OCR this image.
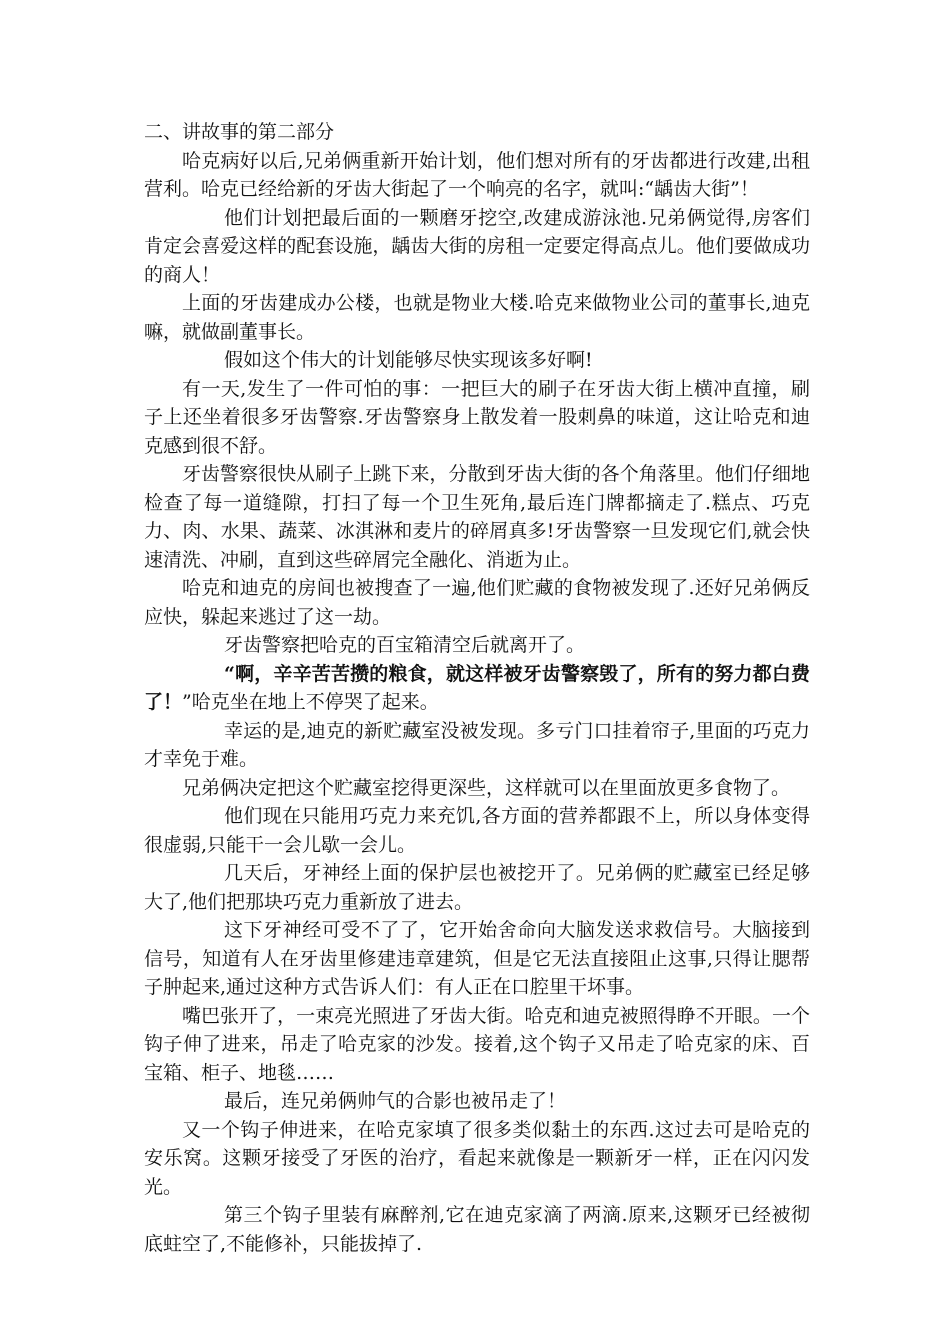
二、讲故事的第二部分

哈克病好以后,兄弟俩重新开始计划，他们想对所有的牙齿都进行改建,出租营利。哈克已经给新的牙齿大街起了一个响亮的名字，就叫:“龋齿大街”！

他们计划把最后面的一颗磨牙挖空,改建成游泳池.兄弟俩觉得,房客们肯定会喜爱这样的配套设施，龋齿大街的房租一定要定得高点儿。他们要做成功的商人！

上面的牙齿建成办公楼，也就是物业大楼.哈克来做物业公司的董事长,迪克嘛，就做副董事长。

假如这个伟大的计划能够尽快实现该多好啊!

有一天,发生了一件可怕的事：一把巨大的刷子在牙齿大街上横冲直撞，刷子上还坐着很多牙齿警察.牙齿警察身上散发着一股刺鼻的味道，这让哈克和迪克感到很不舒。

牙齿警察很快从刷子上跳下来，分散到牙齿大街的各个角落里。他们仔细地检查了每一道缝隙，打扫了每一个卫生死角,最后连门牌都摘走了.糕点、巧克力、肉、水果、蔬菜、冰淇淋和麦片的碎屑真多!牙齿警察一旦发现它们,就会快速清洗、冲刷，直到这些碎屑完全融化、消逝为止。

哈克和迪克的房间也被搜查了一遍,他们贮藏的食物被发现了.还好兄弟俩反应快，躲起来逃过了这一劫。

牙齿警察把哈克的百宝箱清空后就离开了。

“啊，辛辛苦苦攒的粮食，就这样被牙齿警察毁了，所有的努力都白费了！”哈克坐在地上不停哭了起来。

幸运的是,迪克的新贮藏室没被发现。多亏门口挂着帘子,里面的巧克力才幸免于难。

兄弟俩决定把这个贮藏室挖得更深些，这样就可以在里面放更多食物了。

他们现在只能用巧克力来充饥,各方面的营养都跟不上，所以身体变得很虚弱,只能干一会儿歇一会儿。

几天后，牙神经上面的保护层也被挖开了。兄弟俩的贮藏室已经足够大了,他们把那块巧克力重新放了进去。

这下牙神经可受不了了，它开始舍命向大脑发送求救信号。大脑接到信号，知道有人在牙齿里修建违章建筑，但是它无法直接阻止这事,只得让腮帮子肿起来,通过这种方式告诉人们：有人正在口腔里干坏事。

嘴巴张开了，一束亮光照进了牙齿大街。哈克和迪克被照得睁不开眼。一个钩子伸了进来，吊走了哈克家的沙发。接着,这个钩子又吊走了哈克家的床、百宝箱、柜子、地毯……

最后，连兄弟俩帅气的合影也被吊走了！

又一个钩子伸进来，在哈克家填了很多类似黏土的东西.这过去可是哈克的安乐窝。这颗牙接受了牙医的治疗，看起来就像是一颗新牙一样，正在闪闪发光。

第三个钩子里装有麻醉剂,它在迪克家滴了两滴.原来,这颗牙已经被彻底蛀空了,不能修补，只能拔掉了.
